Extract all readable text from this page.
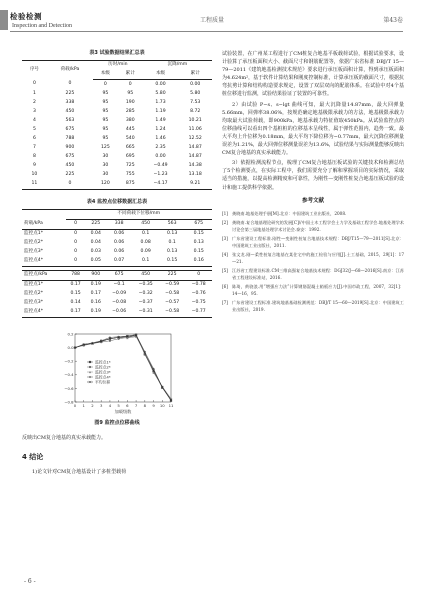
检验检测
Inspection and Detection
工程质量	第43卷
表3 试验数据结果汇总表
序号	荷载/kPa	历时/min		沉降/mm	
		本级	累计	本级	累计
0	0	0	0	0.00	0.00
1	225	95	95	5.80	5.80
2	338	95	190	1.73	7.53
3	450	95	285	1.19	8.72
4	563	95	380	1.49	10.21
5	675	95	445	1.24	11.06
6	788	95	540	1.46	12.52
7	900	125	665	2.35	14.87
8	675	30	695	0.00	14.87
9	450	30	725	−0.49	14.38
10	225	30	755	−1.23	13.18
11	0	120	875	−4.17	9.21
表4 监控点位移数据汇总表
	不同荷载下位移/mm					
荷载/kPa	0	225	338	450	563	675
监控点1*	0	0.04	0.06	0.1	0.13	0.15
监控点2*	0	0.04	0.06	0.08	0.1	0.13
监控点3*	0	0.03	0.06	0.09	0.13	0.15
监控点4*	0	0.05	0.07	0.1	0.15	0.16

监控点/kPa	788	900	675	450	225	0
监控点1*	0.17	0.19	−0.1	−0.35	−0.59	−0.78
监控点2*	0.15	0.17	−0.09	−0.32	−0.58	−0.76
监控点3*	0.14	0.16	−0.08	−0.37	−0.57	−0.75
监控点4*	0.17	0.19	−0.06	−0.31	−0.58	−0.77
0.2
0.0
−0.2
−0.4
−0.6
−0.8
0 1 2 3 4 5 6 7 8 9 10 11
加载级数
监控点1*
监控点2*
监控点3*
监控点4*
平均位移
图9 监控点位移曲线

反映出CM复合地基的真实承载能力。

4 结论

1)论文针对CM复合地基设计了多桩型载荷

试验装置，在广州某工程进行了CM桩复合地基平板载荷试验，根据试验要求，设计验算了承压板面积大小、截面尺寸和钢筋配置等，依据广东省标准 DBJ/T 15—79—2011《建筑地基检测技术规范》要求进行承压板面积计算，得到承压板面积为4.624m²，基于软件计算结果和刚度控制标准，计算承压板的截面尺寸，根据抗弯抗剪计算和结构构造要求规定，设置了双层双向的配筋体系。在试验中对4个基桩位移进行监测，试验结果验证了装置的可靠性。

2）由试验 P−s、s−lgt 曲线可知，最大沉降量14.87mm，最大回弹量5.66mm，回弹率38.06%，按规范确定地基极限承载力的方法，地基极限承载力均取最大试验荷载，即900kPa，地基承载力特征值取450kPa。从试验监控点的位移曲线可以看出四个基桩桩的位移基本呈线性，属于弹性范围内，趋势一致。最大平均上升位移为0.18mm，最大平均下降位移为−0.77mm，最大沉降位移测量误差为1.21%，最大回弹位移测量误差为13.6%，试验结果与实际测量能够反映出CM复合地基的真实承载能力。

3）依据检测流程节点，梳理了CM复合地基压板试验的关键技术和检测总结了5个检测要点，在实际工程中，我们需要充分了解和掌握项目的实际情况，采取适当的措施，以提高检测精度和可靠性，为刚性—变刚性桩复合地基压板试验的设计和施工提供科学依据。

参考文献
[1] 龚晓南.地基处理手册[M].北京：中国建筑工业出版社，2008.
[2] 龚晓南.复合地基理论研究的发展[C]//中国土木工程学会土力学及基础工程学会.地基处理学术讨论会第三届地基处理学术讨论会.泰安：1992.
[3] 广东省建设工程标准.刚性—变刚性桩复合地基技术规程：DBJ/T15—79—2011[S].北京：中国建筑工业出版社，2011.
[4] 张文龙.刚—柔性桩复合地基在某住宅中的施工检验与应用[J].土工基础，2015，29[1]：17—21.
[5] 江苏省工程建设标准.CM三维高强复合地基技术规程：DGJ32/J—68—2016[S].南京：江苏省工程建设标准站，2016.
[6] 陈琦，黄骁浪.用“增强应力法”计算钢筋混凝土箱板应力[J].中国市政工程，2007，32[1]：14—16，95.
[7] 广东省建设工程标准.建筑地基基础检测规范：DBJ/T 15—60—2019[S].北京：中国建筑工业出版社，2019.
- 6 -
